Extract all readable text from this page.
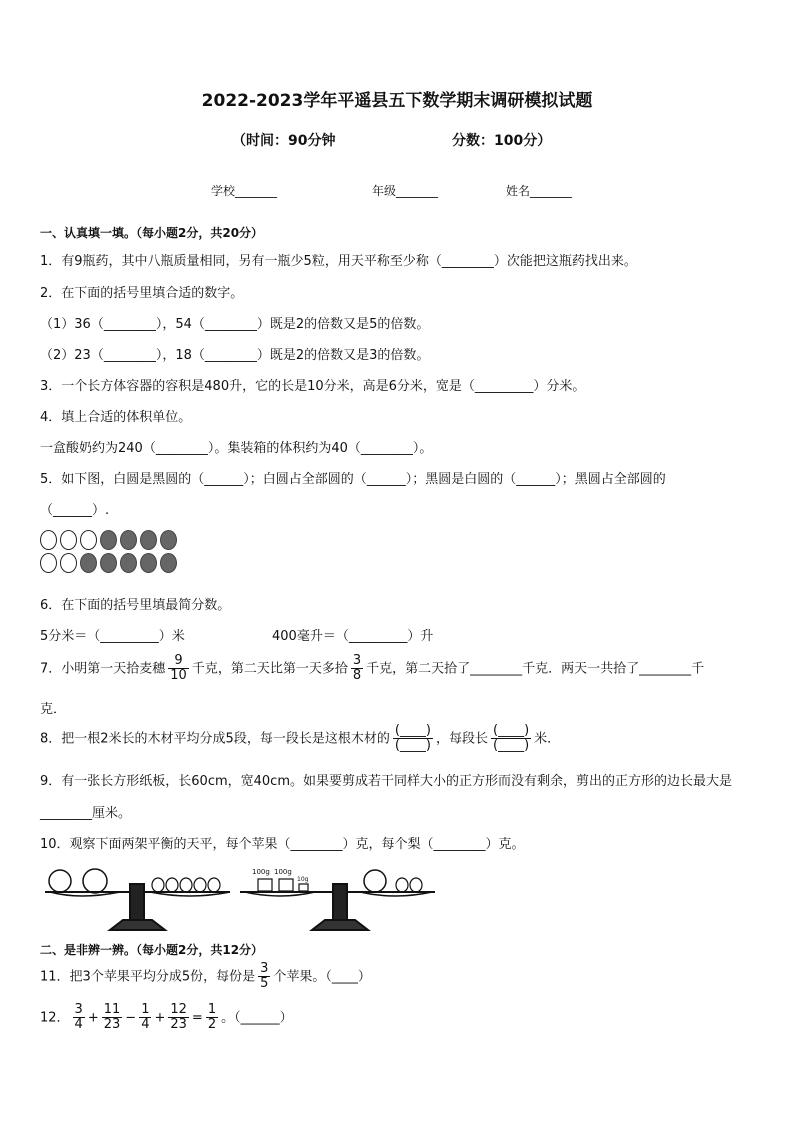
2022-2023学年平遥县五下数学期末调研模拟试题
（时间：90分钟	分数：100分）
学校_______	年级_______	姓名_______
一、认真填一填。（每小题2分，共20分）
1．有9瓶药，其中八瓶质量相同，另有一瓶少5粒，用天平称至少称（________）次能把这瓶药找出来。
2．在下面的括号里填合适的数字。
（1）36（________），54（________）既是2的倍数又是5的倍数。
（2）23（________），18（________）既是2的倍数又是3的倍数。
3．一个长方体容器的容积是480升，它的长是10分米，高是6分米，宽是（_________）分米。
4．填上合适的体积单位。
一盒酸奶约为240（________）。集装箱的体积约为40（________）。
5．如下图，白圆是黑圆的（______）；白圆占全部圆的（______）；黑圆是白圆的（______）；黑圆占全部圆的
（______）.
6．在下面的括号里填最简分数。
5分米＝（_________）米	400毫升＝（_________）升
7．小明第一天拾麦穗 $\frac{9}{10}$ 千克，第二天比第一天多拾 $\frac{3}{8}$ 千克，第二天拾了________千克．两天一共拾了________千
克．
8．把一根2米长的木材平均分成5段，每一段长是这根木材的 $\frac{(\_\_\_\_)}{(\_\_\_\_)}$ ，每段长 $\frac{(\_\_\_\_)}{(\_\_\_\_)}$ 米．
9．有一张长方形纸板，长60cm，宽40cm。如果要剪成若干同样大小的正方形而没有剩余，剪出的正方形的边长最大是
________厘米。
10．观察下面两架平衡的天平，每个苹果（________）克，每个梨（________）克。
100g 100g
10g
二、是非辨一辨。（每小题2分，共12分）
11．把3个苹果平均分成5份，每份是 $\frac{3}{5}$ 个苹果。（____）
12． $\frac{3}{4} + \frac{11}{23} - \frac{1}{4} + \frac{12}{23} = \frac{1}{2}$ 。（______）
